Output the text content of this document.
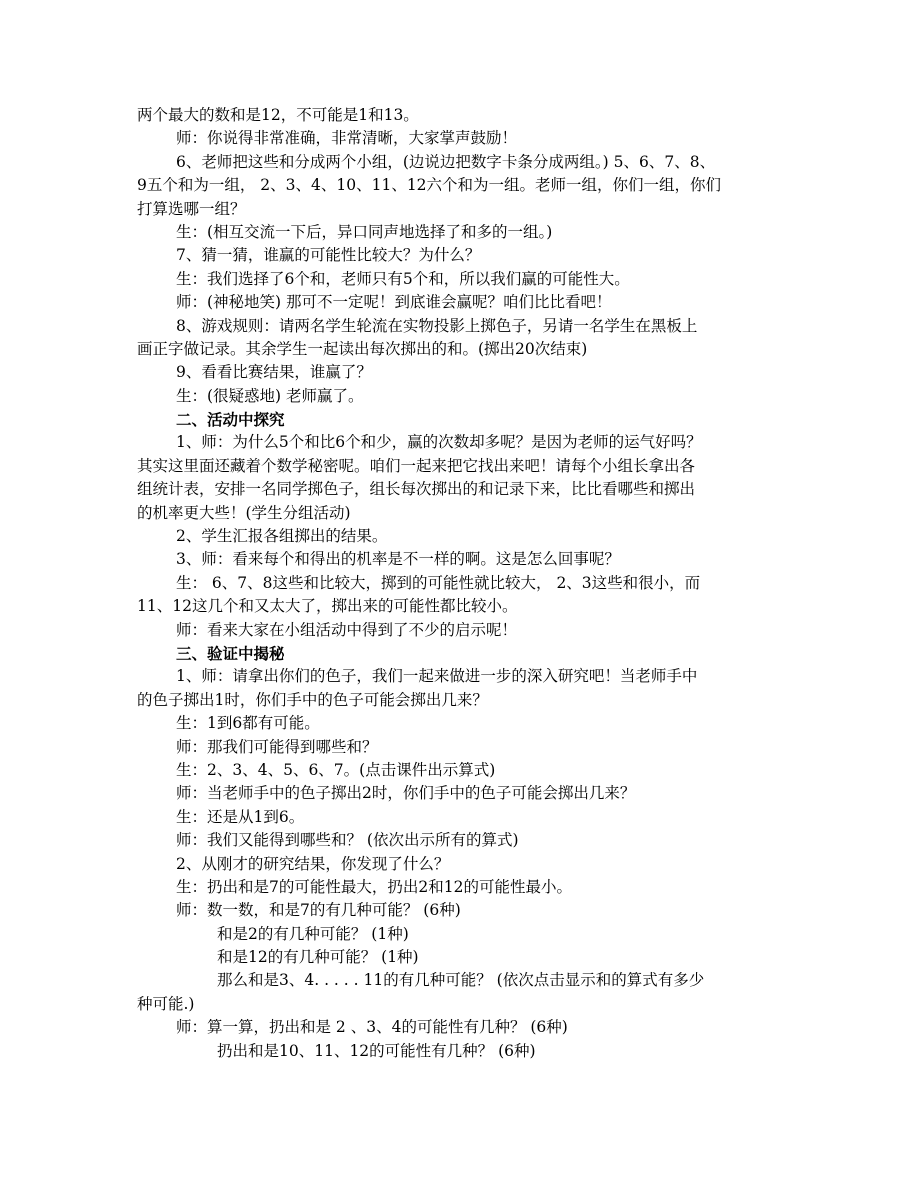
两个最大的数和是12，不可能是1和13。
师：你说得非常准确，非常清晰，大家掌声鼓励！
6、老师把这些和分成两个小组，(边说边把数字卡条分成两组。) 5、6、7、8、
9五个和为一组， 2、3、4、10、11、12六个和为一组。老师一组，你们一组，你们
打算选哪一组？
生：(相互交流一下后，异口同声地选择了和多的一组。)
7、猜一猜，谁赢的可能性比较大？为什么？
生：我们选择了6个和，老师只有5个和，所以我们赢的可能性大。
师：(神秘地笑) 那可不一定呢！到底谁会赢呢？咱们比比看吧！
8、游戏规则：请两名学生轮流在实物投影上掷色子，另请一名学生在黑板上
画正字做记录。其余学生一起读出每次掷出的和。(掷出20次结束)
9、看看比赛结果，谁赢了？
生：(很疑惑地) 老师赢了。
二、活动中探究
1、师：为什么5个和比6个和少，赢的次数却多呢？是因为老师的运气好吗？
其实这里面还藏着个数学秘密呢。咱们一起来把它找出来吧！请每个小组长拿出各
组统计表，安排一名同学掷色子，组长每次掷出的和记录下来，比比看哪些和掷出
的机率更大些！(学生分组活动)
2、学生汇报各组掷出的结果。
3、师：看来每个和得出的机率是不一样的啊。这是怎么回事呢？
生： 6、7、8这些和比较大，掷到的可能性就比较大， 2、3这些和很小，而
11、12这几个和又太大了，掷出来的可能性都比较小。
师：看来大家在小组活动中得到了不少的启示呢！
三、验证中揭秘
1、师：请拿出你们的色子，我们一起来做进一步的深入研究吧！当老师手中
的色子掷出1时，你们手中的色子可能会掷出几来？
生：1到6都有可能。
师：那我们可能得到哪些和？
生：2、3、4、5、6、7。(点击课件出示算式)
师：当老师手中的色子掷出2时，你们手中的色子可能会掷出几来？
生：还是从1到6。
师：我们又能得到哪些和？ (依次出示所有的算式)
2、从刚才的研究结果，你发现了什么？
生：扔出和是7的可能性最大，扔出2和12的可能性最小。
师：数一数，和是7的有几种可能？ (6种)
和是2的有几种可能？ (1种)
和是12的有几种可能？ (1种)
那么和是3、4. . . . . 11的有几种可能？ (依次点击显示和的算式有多少
种可能.)
师：算一算，扔出和是 2 、3、4的可能性有几种？ (6种)
扔出和是10、11、12的可能性有几种？ (6种)
